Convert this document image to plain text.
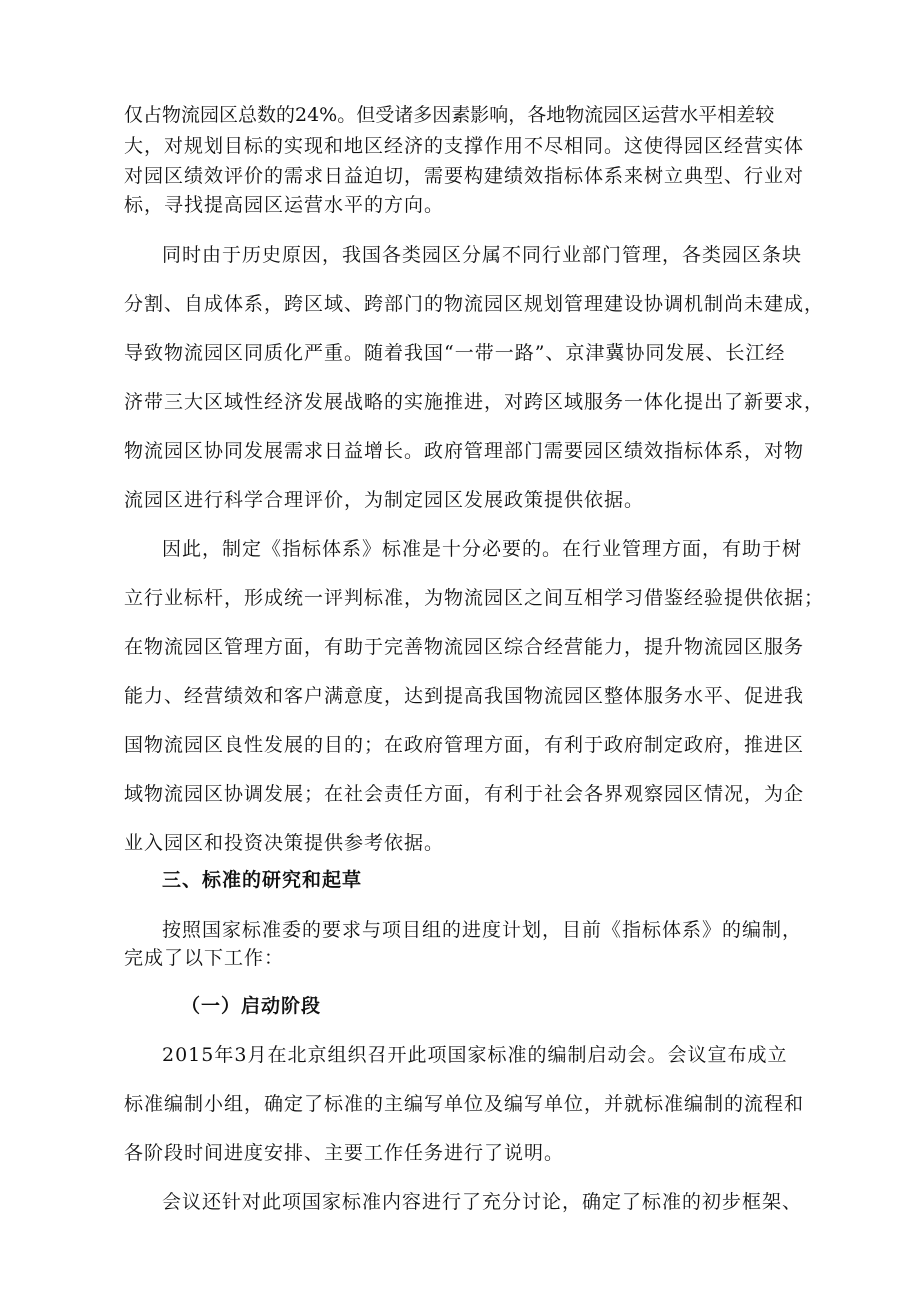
仅占物流园区总数的24%。但受诸多因素影响，各地物流园区运营水平相差较
大，对规划目标的实现和地区经济的支撑作用不尽相同。这使得园区经营实体
对园区绩效评价的需求日益迫切，需要构建绩效指标体系来树立典型、行业对
标，寻找提高园区运营水平的方向。
同时由于历史原因，我国各类园区分属不同行业部门管理，各类园区条块
分割、自成体系，跨区域、跨部门的物流园区规划管理建设协调机制尚未建成，
导致物流园区同质化严重。随着我国“一带一路”、京津冀协同发展、长江经
济带三大区域性经济发展战略的实施推进，对跨区域服务一体化提出了新要求，
物流园区协同发展需求日益增长。政府管理部门需要园区绩效指标体系，对物
流园区进行科学合理评价，为制定园区发展政策提供依据。
因此，制定《指标体系》标准是十分必要的。在行业管理方面，有助于树
立行业标杆，形成统一评判标准，为物流园区之间互相学习借鉴经验提供依据；
在物流园区管理方面，有助于完善物流园区综合经营能力，提升物流园区服务
能力、经营绩效和客户满意度，达到提高我国物流园区整体服务水平、促进我
国物流园区良性发展的目的；在政府管理方面，有利于政府制定政府，推进区
域物流园区协调发展；在社会责任方面，有利于社会各界观察园区情况，为企
业入园区和投资决策提供参考依据。
三、标准的研究和起草
按照国家标准委的要求与项目组的进度计划，目前《指标体系》的编制，
完成了以下工作：
（一）启动阶段
2015年3月在北京组织召开此项国家标准的编制启动会。会议宣布成立
标准编制小组，确定了标准的主编写单位及编写单位，并就标准编制的流程和
各阶段时间进度安排、主要工作任务进行了说明。
会议还针对此项国家标准内容进行了充分讨论，确定了标准的初步框架、
